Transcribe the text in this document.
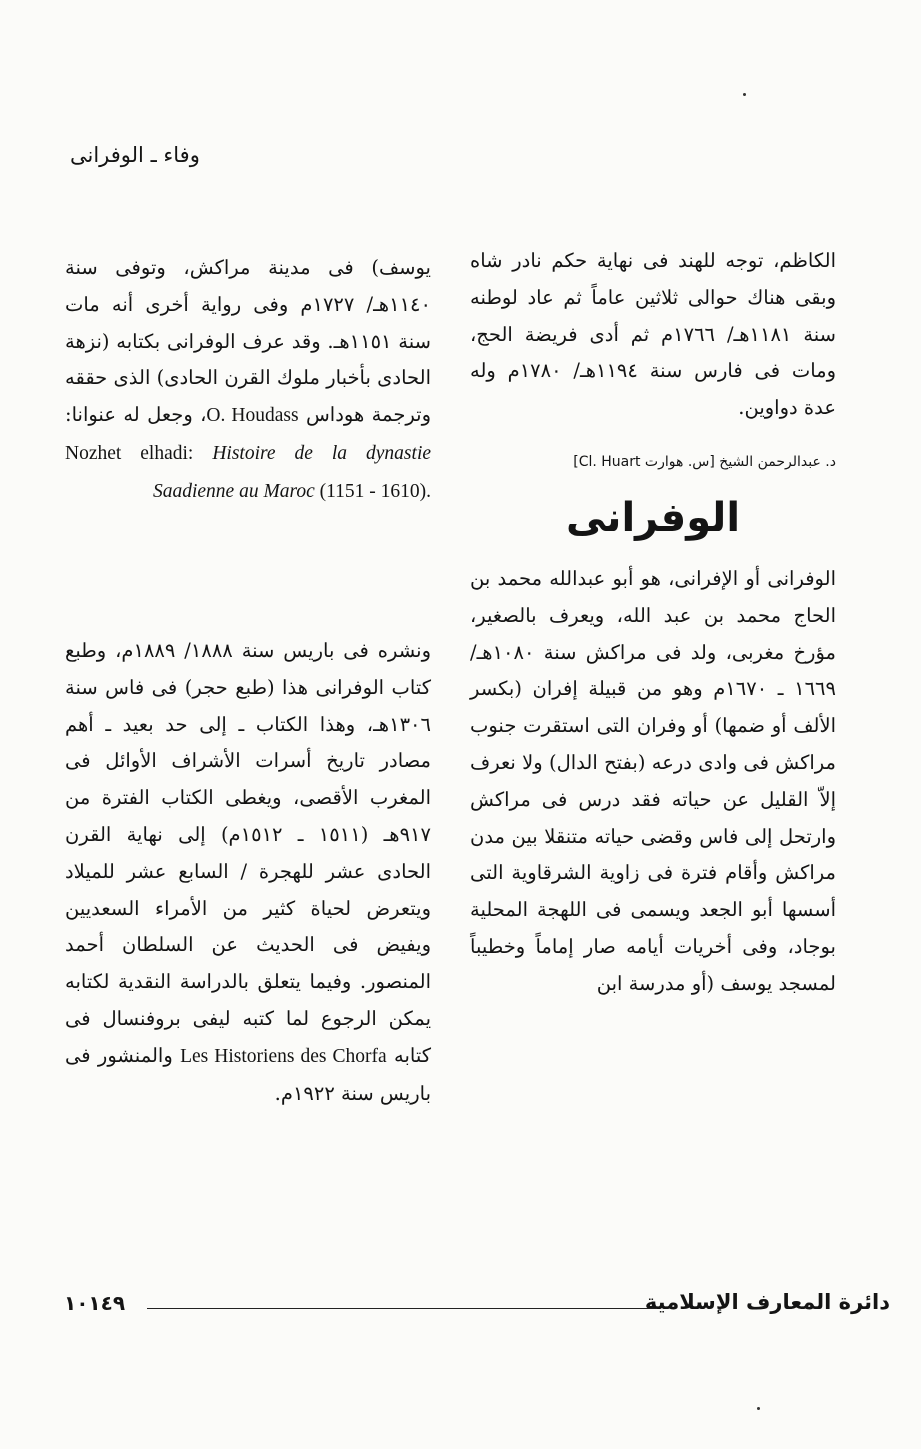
وفاء ـ الوفرانى

الكاظم، توجه للهند فى نهاية حكم نادر شاه وبقى هناك حوالى ثلاثين عاماً ثم عاد لوطنه سنة ١١٨١هـ/ ١٧٦٦م ثم أدى فريضة الحج، ومات فى فارس سنة ١١٩٤هـ/ ١٧٨٠م وله عدة دواوين.

د. عبدالرحمن الشيخ [س. هوارت Cl. Huart]

الوفرانى

الوفرانى أو الإفرانى، هو أبو عبدالله محمد بن الحاج محمد بن عبد الله، ويعرف بالصغير، مؤرخ مغربى، ولد فى مراكش سنة ١٠٨٠هـ/ ١٦٦٩ ـ ١٦٧٠م وهو من قبيلة إفران (بكسر الألف أو ضمها) أو وفران التى استقرت جنوب مراكش فى وادى درعه (بفتح الدال) ولا نعرف إلاّ القليل عن حياته فقد درس فى مراكش وارتحل إلى فاس وقضى حياته متنقلا بين مدن مراكش وأقام فترة فى زاوية الشرقاوية التى أسسها أبو الجعد ويسمى فى اللهجة المحلية بوجاد، وفى أخريات أيامه صار إماماً وخطيباً لمسجد يوسف (أو مدرسة ابن

يوسف) فى مدينة مراكش، وتوفى سنة ١١٤٠هـ/ ١٧٢٧م وفى رواية أخرى أنه مات سنة ١١٥١هـ. وقد عرف الوفرانى بكتابه (نزهة الحادى بأخبار ملوك القرن الحادى) الذى حققه وترجمة هوداس O. Houdass، وجعل له عنوانا: Nozhet elhadi: Histoire de la dynastie Saadienne au Maroc (1151 - 1610).

ونشره فى باريس سنة ١٨٨٨/ ١٨٨٩م، وطبع كتاب الوفرانى هذا (طبع حجر) فى فاس سنة ١٣٠٦هـ، وهذا الكتاب ـ إلى حد بعيد ـ أهم مصادر تاريخ أسرات الأشراف الأوائل فى المغرب الأقصى، ويغطى الكتاب الفترة من ٩١٧هـ (١٥١١ ـ ١٥١٢م) إلى نهاية القرن الحادى عشر للهجرة / السابع عشر للميلاد ويتعرض لحياة كثير من الأمراء السعديين ويفيض فى الحديث عن السلطان أحمد المنصور. وفيما يتعلق بالدراسة النقدية لكتابه يمكن الرجوع لما كتبه ليفى بروفنسال فى كتابه Les Historiens des Chorfa والمنشور فى باريس سنة ١٩٢٢م.

دائرة المعارف الإسلامية
١٠١٤٩
